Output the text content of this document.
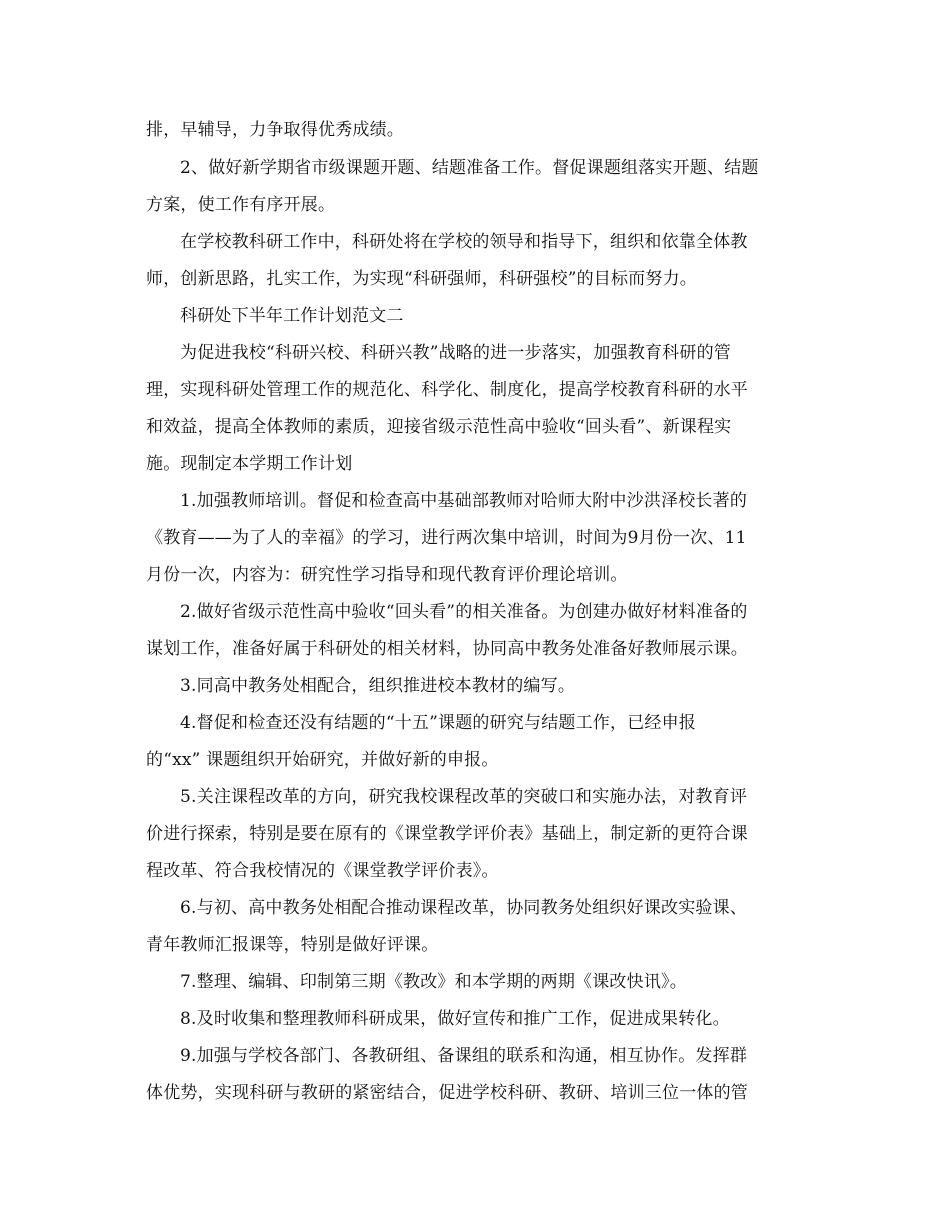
排，早辅导，力争取得优秀成绩。
2、做好新学期省市级课题开题、结题准备工作。督促课题组落实开题、结题
方案，使工作有序开展。
在学校教科研工作中，科研处将在学校的领导和指导下，组织和依靠全体教
师，创新思路，扎实工作，为实现“科研强师，科研强校”的目标而努力。
科研处下半年工作计划范文二
为促进我校“科研兴校、科研兴教”战略的进一步落实，加强教育科研的管
理，实现科研处管理工作的规范化、科学化、制度化，提高学校教育科研的水平
和效益，提高全体教师的素质，迎接省级示范性高中验收“回头看”、新课程实
施。现制定本学期工作计划
1.加强教师培训。督促和检查高中基础部教师对哈师大附中沙洪泽校长著的
《教育——为了人的幸福》的学习，进行两次集中培训，时间为9月份一次、11
月份一次，内容为：研究性学习指导和现代教育评价理论培训。
2.做好省级示范性高中验收“回头看”的相关准备。为创建办做好材料准备的
谋划工作，准备好属于科研处的相关材料，协同高中教务处准备好教师展示课。
3.同高中教务处相配合，组织推进校本教材的编写。
4.督促和检查还没有结题的“十五”课题的研究与结题工作，已经申报
的“xx” 课题组织开始研究，并做好新的申报。
5.关注课程改革的方向，研究我校课程改革的突破口和实施办法，对教育评
价进行探索，特别是要在原有的《课堂教学评价表》基础上，制定新的更符合课
程改革、符合我校情况的《课堂教学评价表》。
6.与初、高中教务处相配合推动课程改革，协同教务处组织好课改实验课、
青年教师汇报课等，特别是做好评课。
7.整理、编辑、印制第三期《教改》和本学期的两期《课改快讯》。
8.及时收集和整理教师科研成果，做好宣传和推广工作，促进成果转化。
9.加强与学校各部门、各教研组、备课组的联系和沟通，相互协作。发挥群
体优势，实现科研与教研的紧密结合，促进学校科研、教研、培训三位一体的管
